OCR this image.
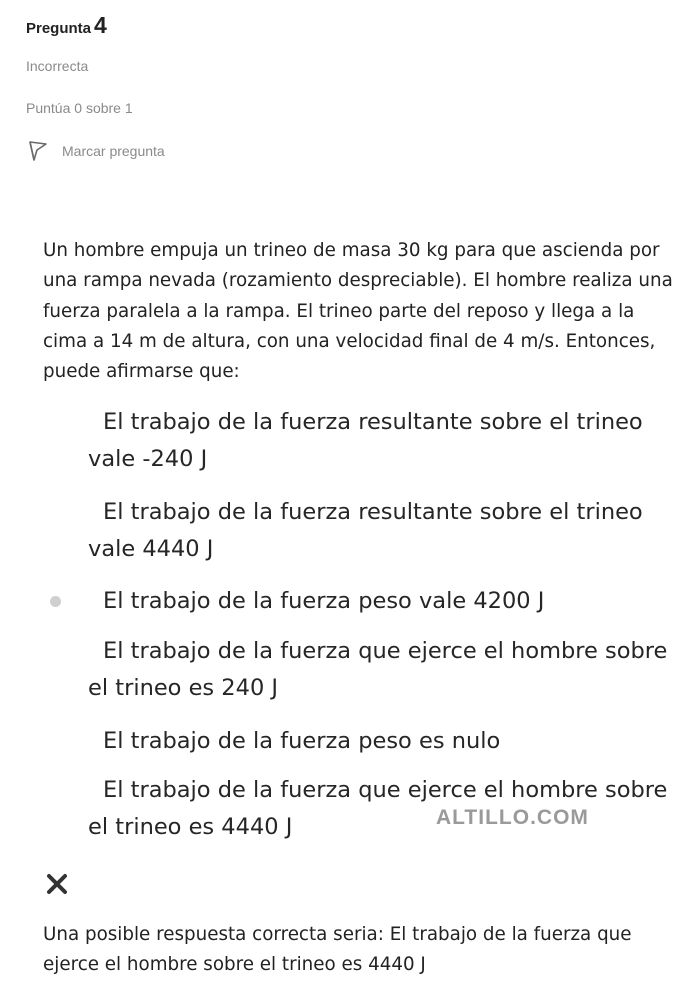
Pregunta 4
Incorrecta
Puntúa 0 sobre 1
Marcar pregunta
Un hombre empuja un trineo de masa 30 kg para que ascienda por una rampa nevada (rozamiento despreciable). El hombre realiza una fuerza paralela a la rampa. El trineo parte del reposo y llega a la cima a 14 m de altura, con una velocidad final de 4 m/s. Entonces, puede afirmarse que:
El trabajo de la fuerza resultante sobre el trineo vale -240 J
El trabajo de la fuerza resultante sobre el trineo vale 4440 J
El trabajo de la fuerza peso vale 4200 J
El trabajo de la fuerza que ejerce el hombre sobre el trineo es 240 J
El trabajo de la fuerza peso es nulo
El trabajo de la fuerza que ejerce el hombre sobre el trineo es 4440 J	ALTILLO.COM
Una posible respuesta correcta seria: El trabajo de la fuerza que ejerce el hombre sobre el trineo es 4440 J
